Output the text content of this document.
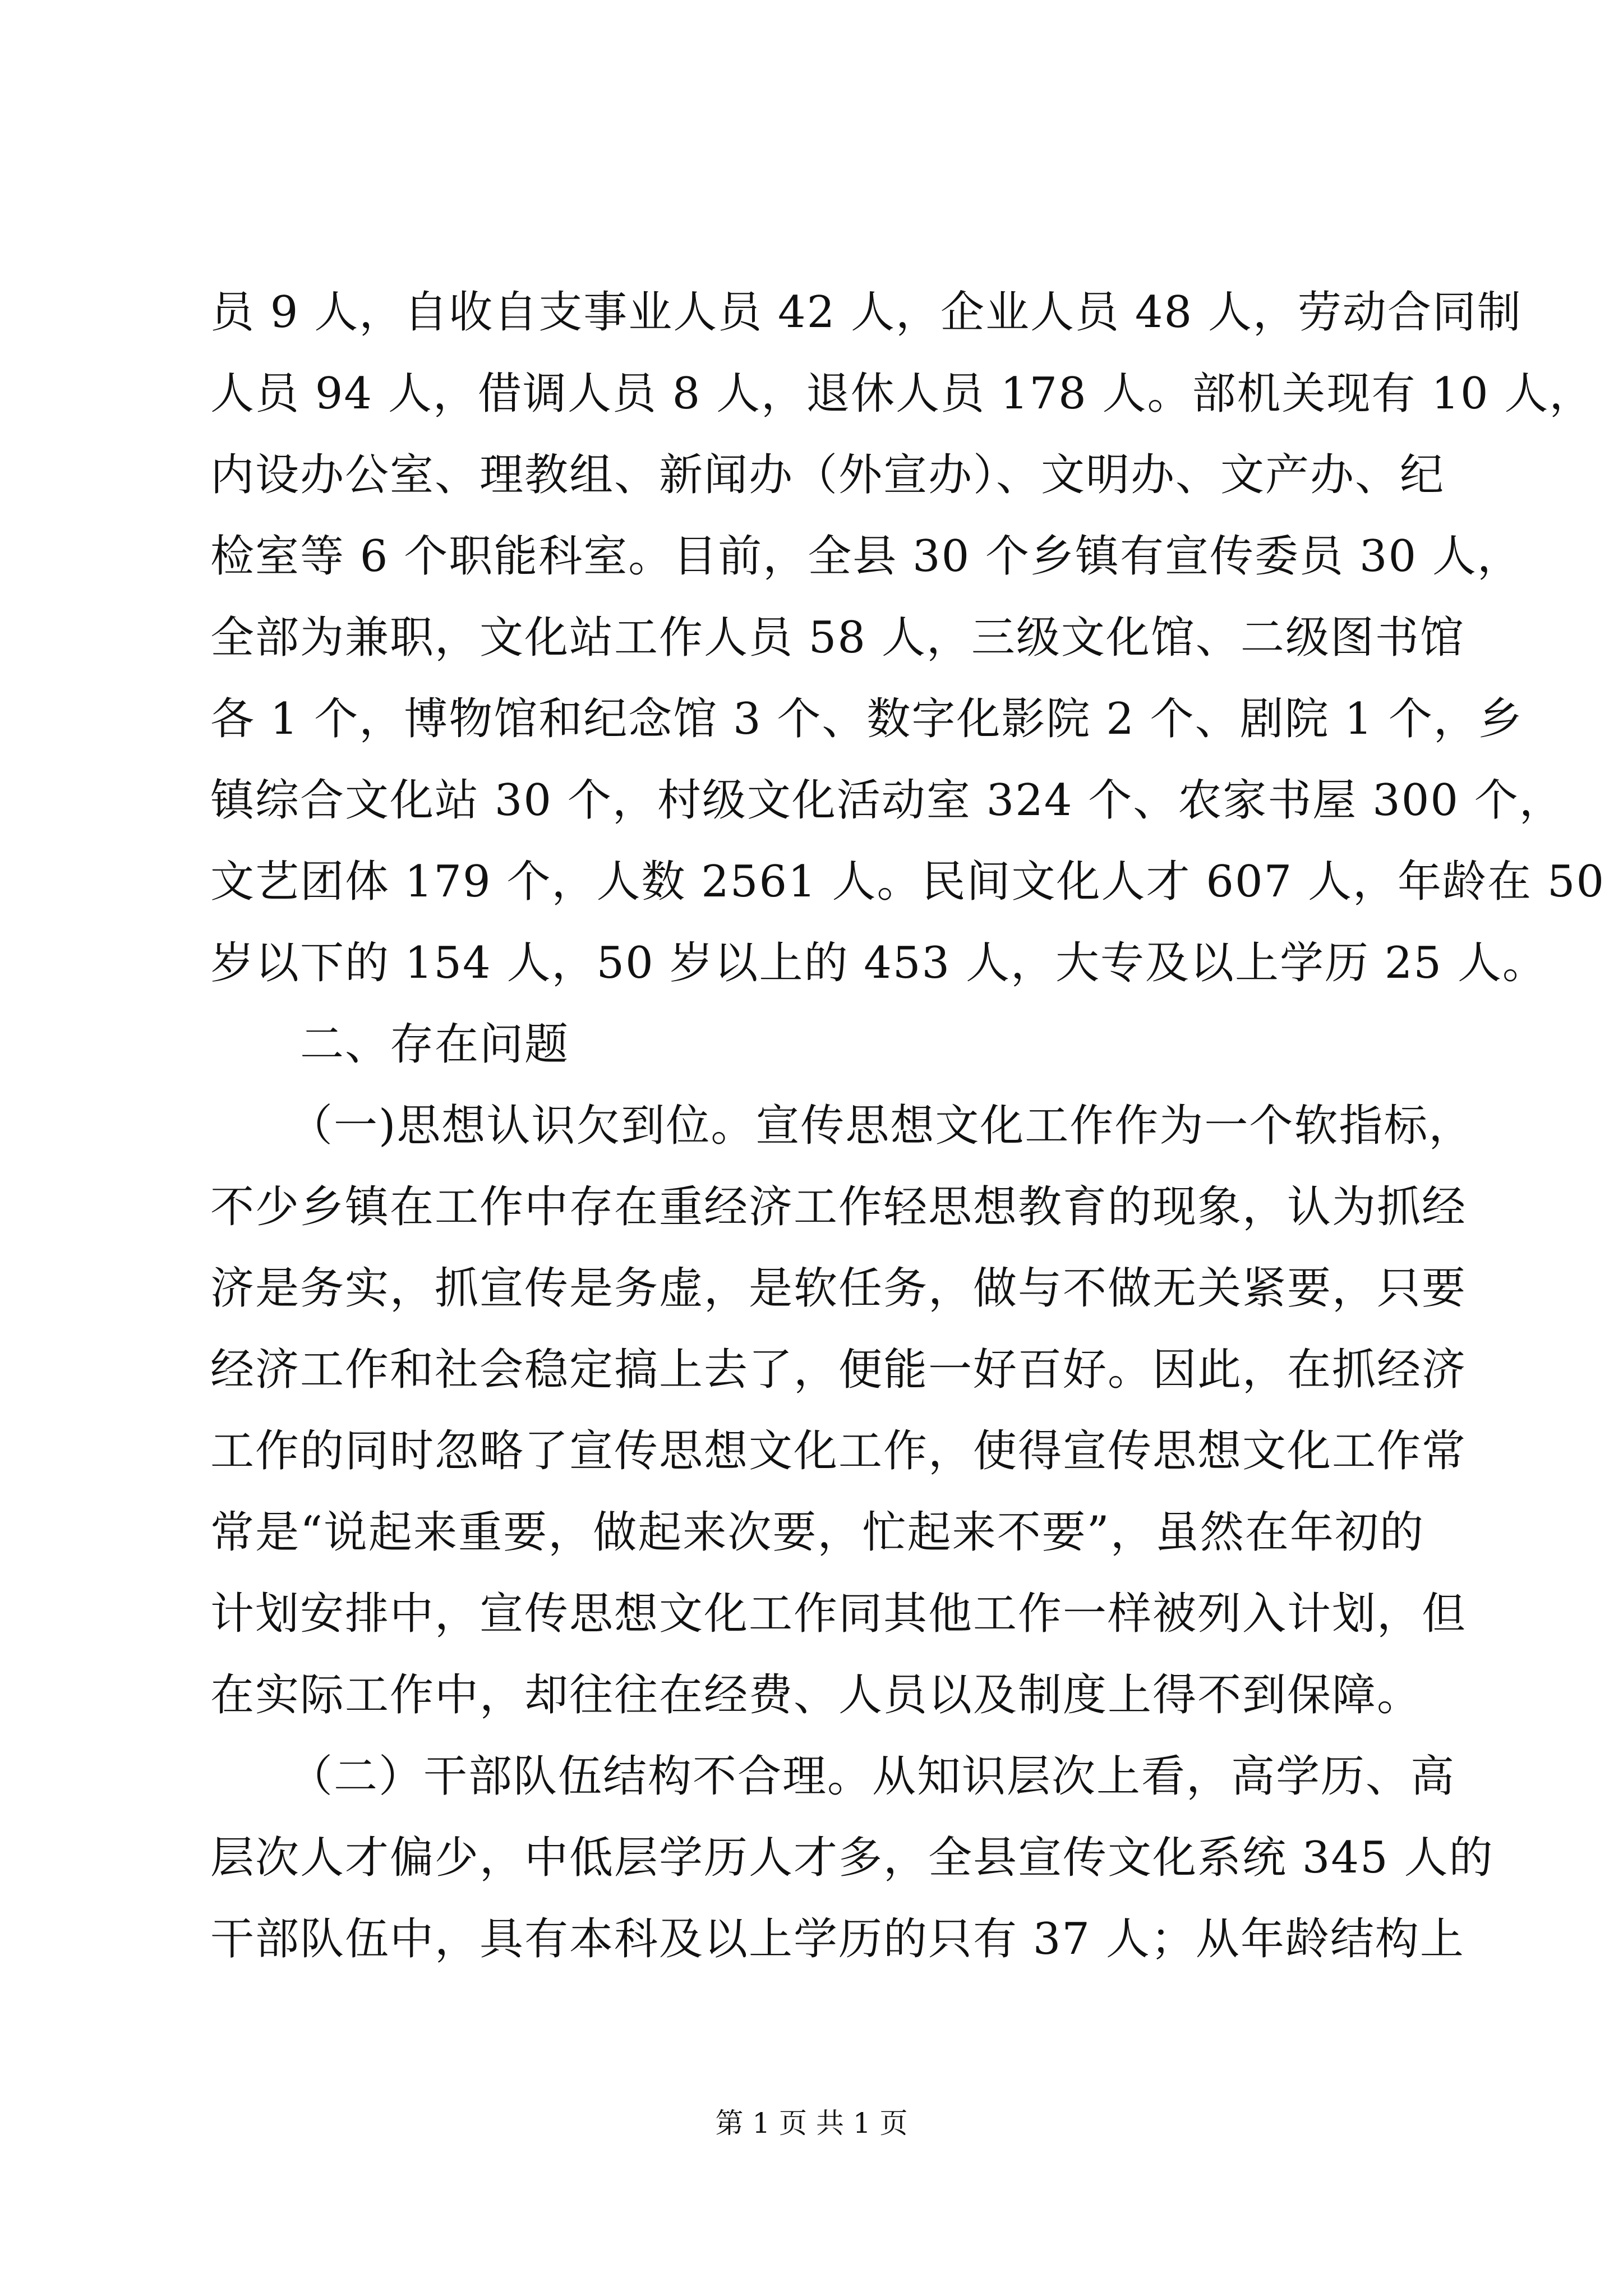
员 9 人，自收自支事业人员 42 人，企业人员 48 人，劳动合同制
人员 94 人，借调人员 8 人，退休人员 178 人。部机关现有 10 人，
内设办公室、理教组、新闻办（外宣办）、文明办、文产办、纪
检室等 6 个职能科室。目前，全县 30 个乡镇有宣传委员 30 人，
全部为兼职，文化站工作人员 58 人，三级文化馆、二级图书馆
各 1 个，博物馆和纪念馆 3 个、数字化影院 2 个、剧院 1 个，乡
镇综合文化站 30 个，村级文化活动室 324 个、农家书屋 300 个，
文艺团体 179 个，人数 2561 人。民间文化人才 607 人，年龄在 50
岁以下的 154 人，50 岁以上的 453 人，大专及以上学历 25 人。
二、存在问题
（一)思想认识欠到位。宣传思想文化工作作为一个软指标，
不少乡镇在工作中存在重经济工作轻思想教育的现象，认为抓经
济是务实，抓宣传是务虚，是软任务，做与不做无关紧要，只要
经济工作和社会稳定搞上去了，便能一好百好。因此，在抓经济
工作的同时忽略了宣传思想文化工作，使得宣传思想文化工作常
常是“说起来重要，做起来次要，忙起来不要”，虽然在年初的
计划安排中，宣传思想文化工作同其他工作一样被列入计划，但
在实际工作中，却往往在经费、人员以及制度上得不到保障。
（二）干部队伍结构不合理。从知识层次上看，高学历、高
层次人才偏少，中低层学历人才多，全县宣传文化系统 345 人的
干部队伍中，具有本科及以上学历的只有 37 人；从年龄结构上
第 1 页 共 1 页
